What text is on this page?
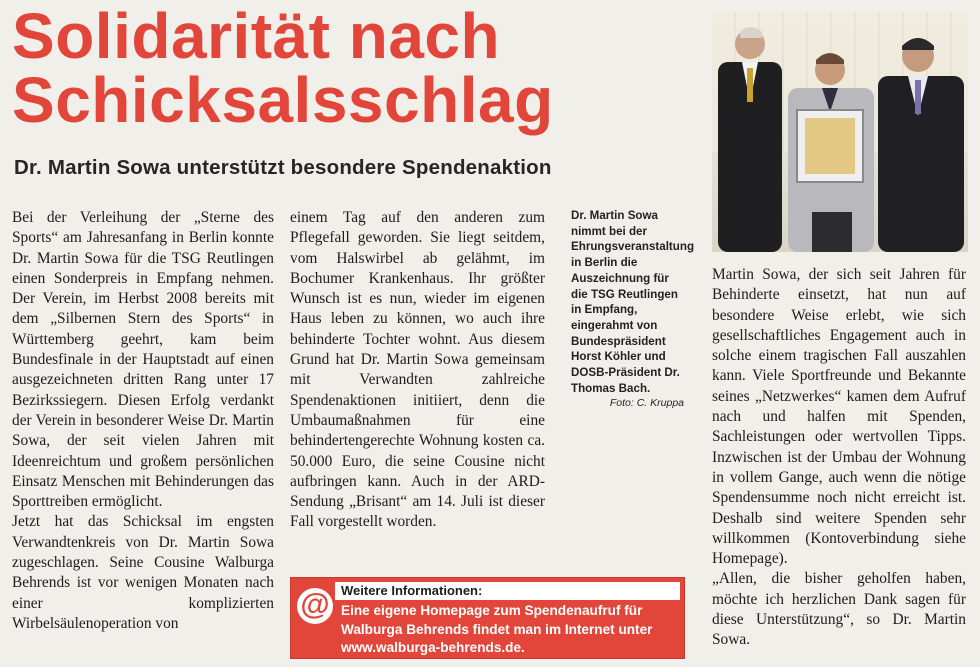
Solidarität nach
Schicksalsschlag
Dr. Martin Sowa unterstützt besondere Spendenaktion

Bei der Verleihung der „Sterne des Sports“ am Jahresanfang in Berlin konnte Dr. Martin Sowa für die TSG Reutlingen einen Sonderpreis in Empfang nehmen. Der Verein, im Herbst 2008 bereits mit dem „Silbernen Stern des Sports“ in Württemberg geehrt, kam beim Bundesfinale in der Hauptstadt auf einen ausgezeichneten dritten Rang unter 17 Bezirkssiegern. Diesen Erfolg verdankt der Verein in besonderer Weise Dr. Martin Sowa, der seit vielen Jahren mit Ideenreichtum und großem persönlichen Einsatz Menschen mit Behinderungen das Sporttreiben ermöglicht.

Jetzt hat das Schicksal im engsten Verwandtenkreis von Dr. Martin Sowa zugeschlagen. Seine Cousine Walburga Behrends ist vor wenigen Monaten nach einer komplizierten Wirbelsäulenoperation von

einem Tag auf den anderen zum Pflegefall geworden. Sie liegt seitdem, vom Halswirbel ab gelähmt, im Bochumer Krankenhaus. Ihr größter Wunsch ist es nun, wieder im eigenen Haus leben zu können, wo auch ihre behinderte Tochter wohnt. Aus diesem Grund hat Dr. Martin Sowa gemeinsam mit Verwandten zahlreiche Spendenaktionen initiiert, denn die Umbaumaßnahmen für eine behindertengerechte Wohnung kosten ca. 50.000 Euro, die seine Cousine nicht aufbringen kann. Auch in der ARD-Sendung „Brisant“ am 14. Juli ist dieser Fall vorgestellt worden.

Dr. Martin Sowa nimmt bei der Ehrungsveranstaltung in Berlin die Auszeichnung für die TSG Reutlingen in Empfang, eingerahmt von Bundespräsident Horst Köhler und DOSB-Präsident Dr. Thomas Bach.
Foto: C. Kruppa

Martin Sowa, der sich seit Jahren für Behinderte einsetzt, hat nun auf besondere Weise erlebt, wie sich gesellschaftliches Engagement auch in solche einem tragischen Fall auszahlen kann. Viele Sportfreunde und Bekannte seines „Netzwerkes“ kamen dem Aufruf nach und halfen mit Spenden, Sachleistungen oder wertvollen Tipps. Inzwischen ist der Umbau der Wohnung in vollem Gange, auch wenn die nötige Spendensumme noch nicht erreicht ist. Deshalb sind weitere Spenden sehr willkommen (Kontoverbindung siehe Homepage).

„Allen, die bisher geholfen haben, möchte ich herzlichen Dank sagen für diese Unterstützung“, so Dr. Martin Sowa.

@ Weitere Informationen:
Eine eigene Homepage zum Spendenaufruf für Walburga Behrends findet man im Internet unter www.walburga-behrends.de.
